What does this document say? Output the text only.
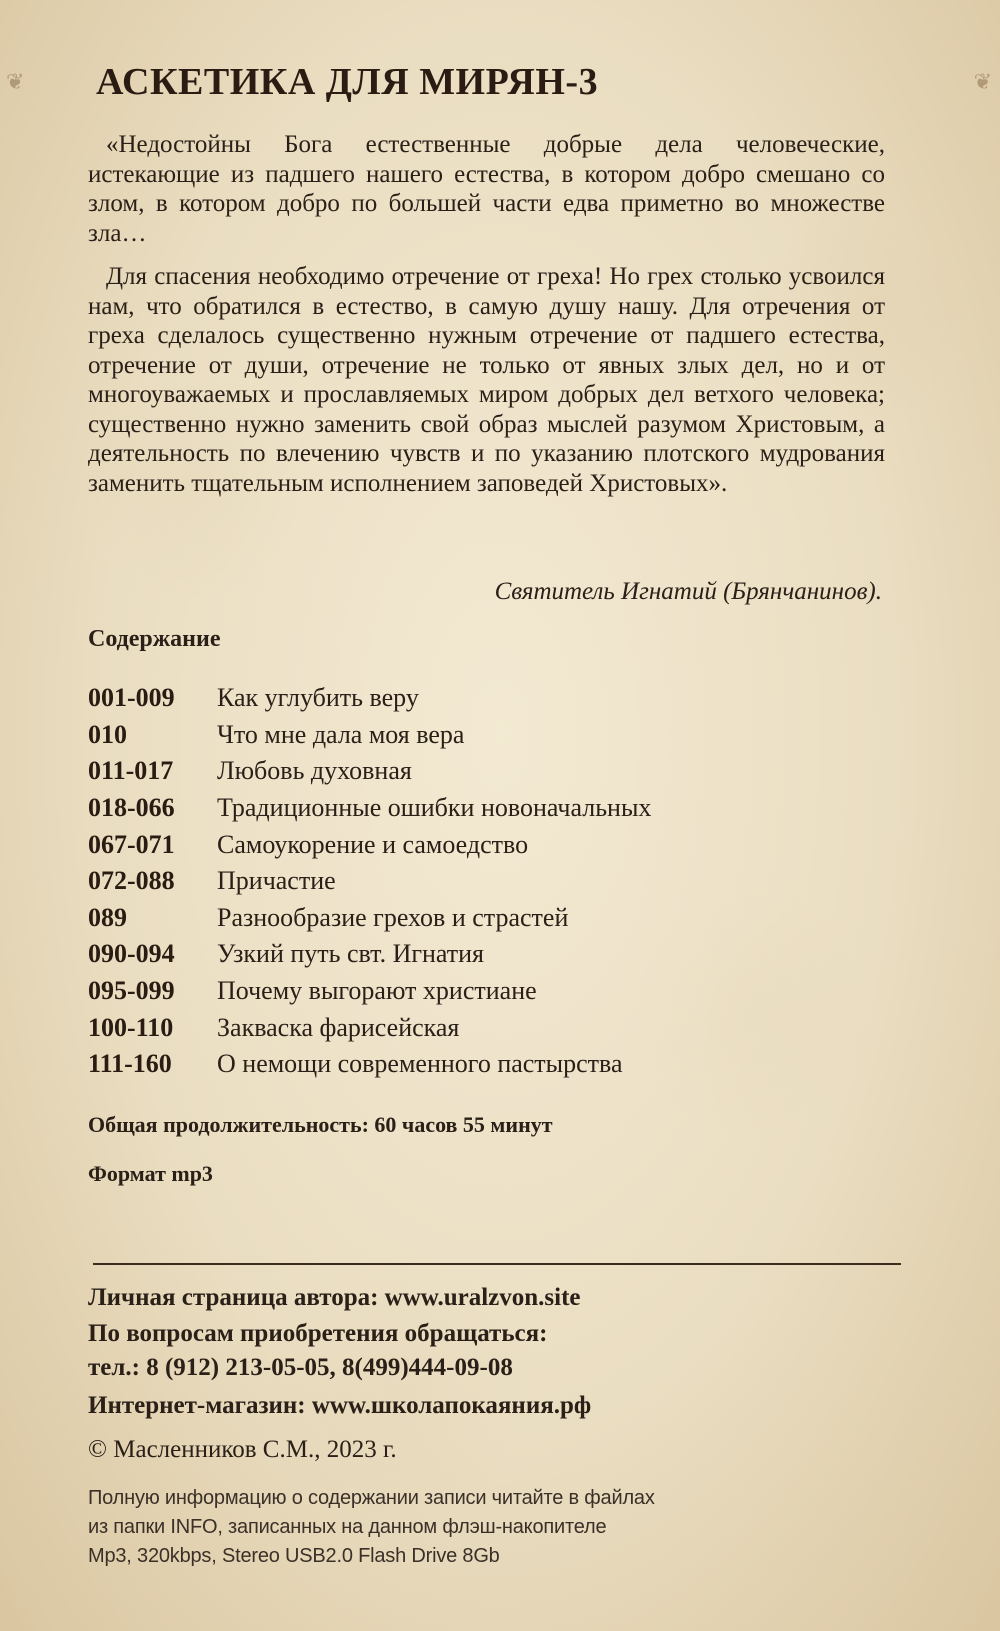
❦	❦
АСКЕТИКА ДЛЯ МИРЯН-3

«Недостойны Бога естественные добрые дела человеческие, истекающие из падшего нашего естества, в котором добро смешано со злом, в котором добро по большей части едва приметно во множестве зла…

Для спасения необходимо отречение от греха! Но грех столько усвоился нам, что обратился в естество, в самую душу нашу. Для отречения от греха сделалось существенно нужным отречение от падшего естества, отречение от души, отречение не только от явных злых дел, но и от многоуважаемых и прославляемых миром добрых дел ветхого человека; существенно нужно заменить свой образ мыслей разумом Христовым, а деятельность по влечению чувств и по указанию плотского мудрования заменить тщательным исполнением заповедей Христовых».

Святитель Игнатий (Брянчанинов).
Содержание
001-009	Как углубить веру
010	Что мне дала моя вера
011-017	Любовь духовная
018-066	Традиционные ошибки новоначальных
067-071	Самоукорение и самоедство
072-088	Причастие
089	Разнообразие грехов и страстей
090-094	Узкий путь свт. Игнатия
095-099	Почему выгорают христиане
100-110	Закваска фарисейская
111-160	О немощи современного пастырства
Общая продолжительность: 60 часов 55 минут
Формат mp3
Личная страница автора: www.uralzvon.site
По вопросам приобретения обращаться:
тел.: 8 (912) 213-05-05, 8(499)444-09-08
Интернет-магазин: www.школапокаяния.рф
© Масленников С.М., 2023 г.
Полную информацию о содержании записи читайте в файлах
из папки INFO, записанных на данном флэш-накопителе
Mp3, 320kbps, Stereo USB2.0 Flash Drive 8Gb
